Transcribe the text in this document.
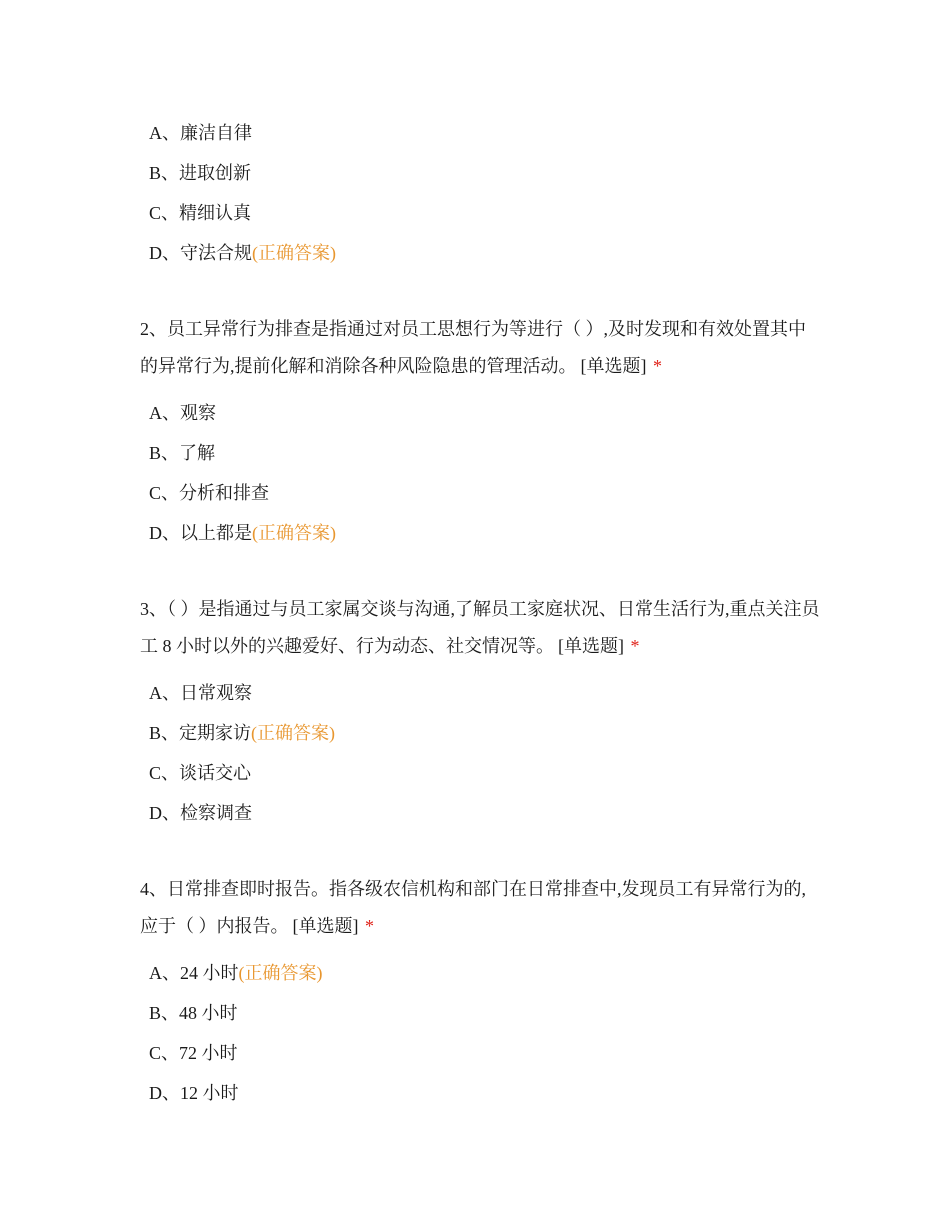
A、廉洁自律
B、进取创新
C、精细认真
D、守法合规(正确答案)
2、员工异常行为排查是指通过对员工思想行为等进行（ ）,及时发现和有效处置其中的异常行为,提前化解和消除各种风险隐患的管理活动。 [单选题] *
A、观察
B、了解
C、分析和排查
D、以上都是(正确答案)
3、（ ）是指通过与员工家属交谈与沟通,了解员工家庭状况、日常生活行为,重点关注员工 8 小时以外的兴趣爱好、行为动态、社交情况等。 [单选题] *
A、日常观察
B、定期家访(正确答案)
C、谈话交心
D、检察调查
4、日常排查即时报告。指各级农信机构和部门在日常排查中,发现员工有异常行为的,应于（ ）内报告。 [单选题] *
A、24 小时(正确答案)
B、48 小时
C、72 小时
D、12 小时
